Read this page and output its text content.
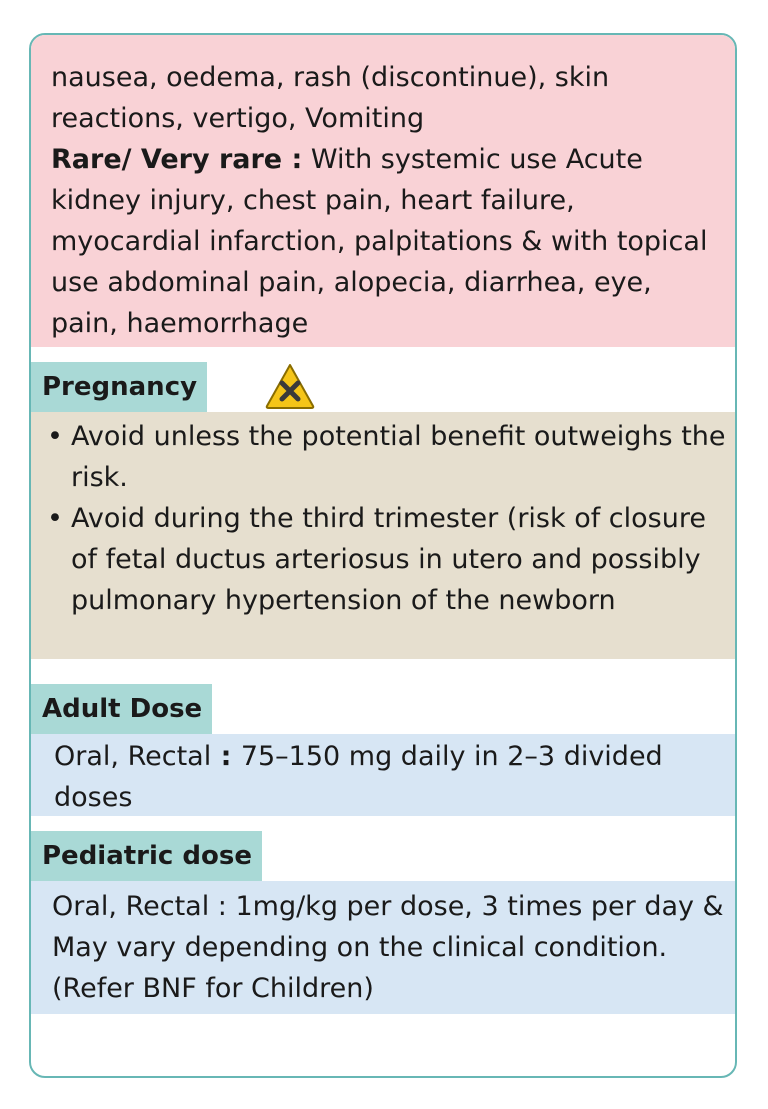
nausea, oedema, rash (discontinue), skin reactions, vertigo, Vomiting
Rare/ Very rare : With systemic use Acute kidney injury, chest pain, heart failure, myocardial infarction, palpitations & with topical use abdominal pain, alopecia, diarrhea, eye, pain, haemorrhage
Pregnancy
• Avoid unless the potential benefit outweighs the risk.
• Avoid during the third trimester (risk of closure of fetal ductus arteriosus in utero and possibly pulmonary hypertension of the newborn
Adult Dose
Oral, Rectal : 75–150 mg daily in 2–3 divided doses
Pediatric dose
Oral, Rectal : 1mg/kg per dose, 3 times per day & May vary depending on the clinical condition. (Refer BNF for Children)
